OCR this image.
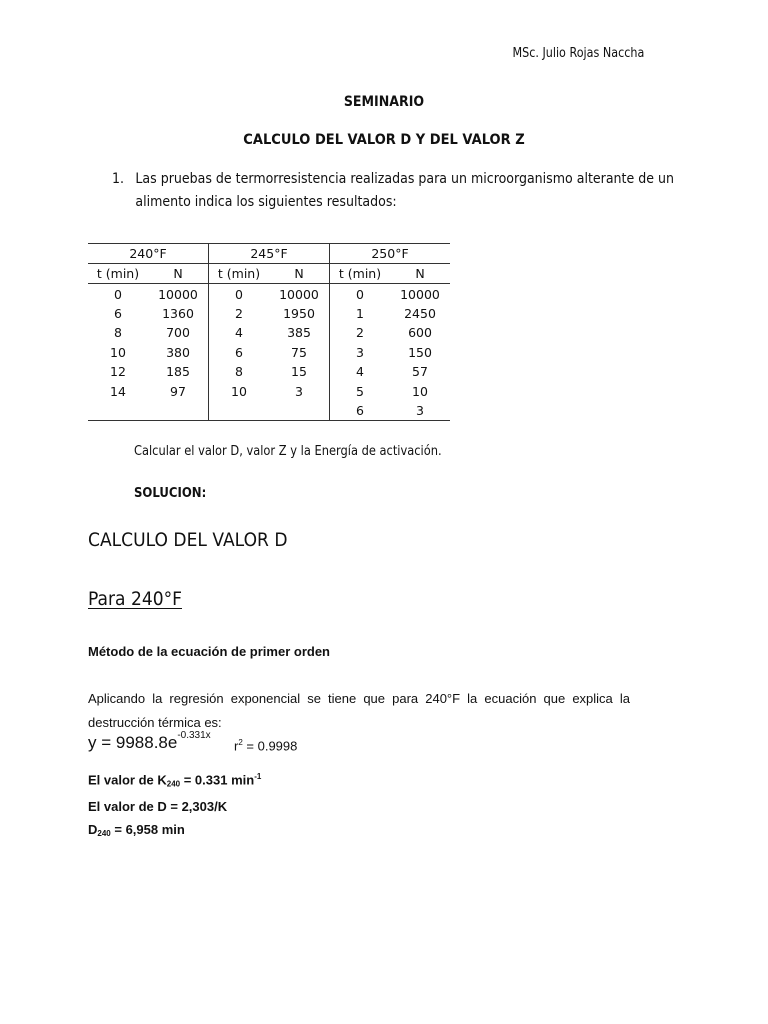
MSc. Julio Rojas Naccha
SEMINARIO
CALCULO DEL VALOR D Y DEL VALOR Z
1. Las pruebas de termorresistencia realizadas para un microorganismo alterante de un
alimento indica los siguientes resultados:
240°F		245°F		250°F	
t (min)	N	t (min)	N	t (min)	N
0	10000	0	10000	0	10000
6	1360	2	1950	1	2450
8	700	4	385	2	600
10	380	6	75	3	150
12	185	8	15	4	57
14	97	10	3	5	10
				6	3
Calcular el valor D, valor Z y la Energía de activación.
SOLUCION:
CALCULO DEL VALOR D
Para 240°F
Método de la ecuación de primer orden
Aplicando la regresión exponencial se tiene que para 240°F la ecuación que explica la destrucción térmica es:
$y = 9988.8e^{-0.331x}$
$r^2 = 0.9998$
El valor de $K_{240} = 0.331$ $\min^{-1}$
El valor de D = 2,303/K
$D_{240} = 6,958$ min
